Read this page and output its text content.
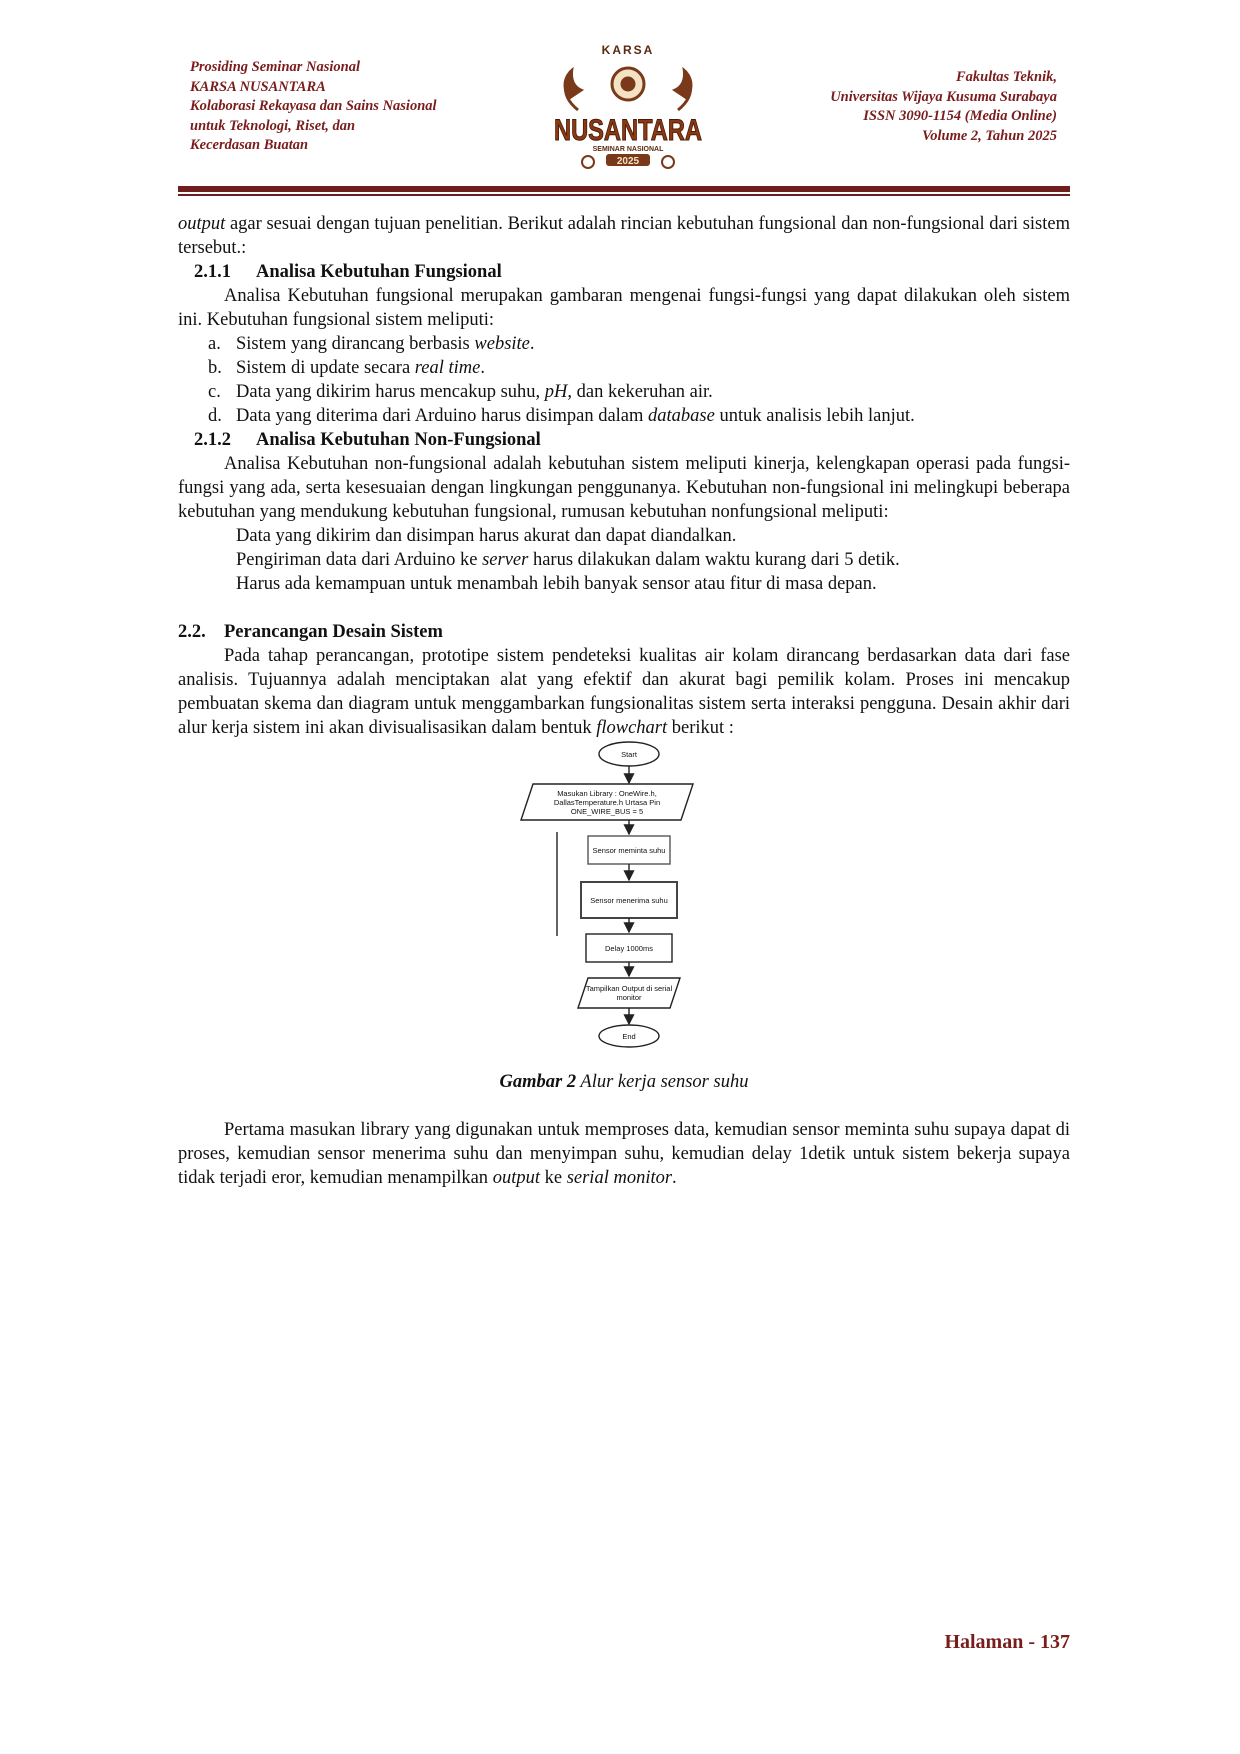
Prosiding Seminar Nasional
KARSA NUSANTARA
Kolaborasi Rekayasa dan Sains Nasional
untuk Teknologi, Riset, dan
Kecerdasan Buatan
KARSA
NUSANTARA
SEMINAR NASIONAL
2025
Fakultas Teknik,
Universitas Wijaya Kusuma Surabaya
ISSN 3090-1154 (Media Online)
Volume 2, Tahun 2025

output agar sesuai dengan tujuan penelitian. Berikut adalah rincian kebutuhan fungsional dan non-fungsional dari sistem tersebut.:

2.1.1 Analisa Kebutuhan Fungsional

Analisa Kebutuhan fungsional merupakan gambaran mengenai fungsi-fungsi yang dapat dilakukan oleh sistem ini. Kebutuhan fungsional sistem meliputi:

a. Sistem yang dirancang berbasis website.
b. Sistem di update secara real time.
c. Data yang dikirim harus mencakup suhu, pH, dan kekeruhan air.
d. Data yang diterima dari Arduino harus disimpan dalam database untuk analisis lebih lanjut.
2.1.2 Analisa Kebutuhan Non-Fungsional

Analisa Kebutuhan non-fungsional adalah kebutuhan sistem meliputi kinerja, kelengkapan operasi pada fungsi-fungsi yang ada, serta kesesuaian dengan lingkungan penggunanya. Kebutuhan non-fungsional ini melingkupi beberapa kebutuhan yang mendukung kebutuhan fungsional, rumusan kebutuhan nonfungsional meliputi:

Data yang dikirim dan disimpan harus akurat dan dapat diandalkan.
Pengiriman data dari Arduino ke server harus dilakukan dalam waktu kurang dari 5 detik.
Harus ada kemampuan untuk menambah lebih banyak sensor atau fitur di masa depan.
2.2. Perancangan Desain Sistem

Pada tahap perancangan, prototipe sistem pendeteksi kualitas air kolam dirancang berdasarkan data dari fase analisis. Tujuannya adalah menciptakan alat yang efektif dan akurat bagi pemilik kolam. Proses ini mencakup pembuatan skema dan diagram untuk menggambarkan fungsionalitas sistem serta interaksi pengguna. Desain akhir dari alur kerja sistem ini akan divisualisasikan dalam bentuk flowchart berikut :

Start
Masukan Library : OneWire.h,
DallasTemperature.h Urtasa Pin
ONE_WIRE_BUS = 5
Sensor meminta suhu
Sensor menerima suhu
Delay 1000ms
Tampilkan Output di serial
monitor
End
Gambar 2 Alur kerja sensor suhu

Pertama masukan library yang digunakan untuk memproses data, kemudian sensor meminta suhu supaya dapat di proses, kemudian sensor menerima suhu dan menyimpan suhu, kemudian delay 1detik untuk sistem bekerja supaya tidak terjadi eror, kemudian menampilkan output ke serial monitor.

Halaman - 137
